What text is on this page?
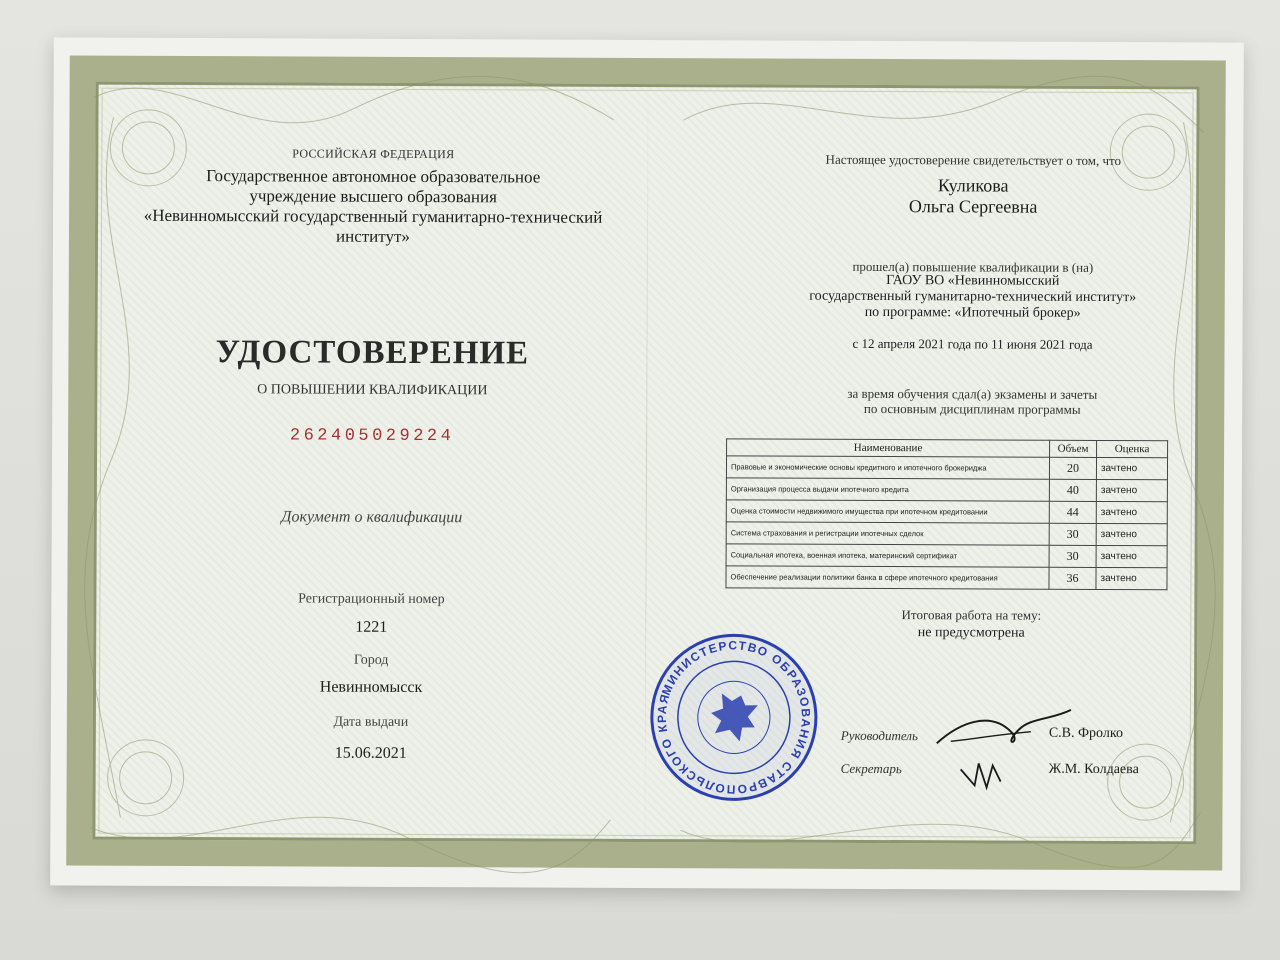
РОССИЙСКАЯ ФЕДЕРАЦИЯ
Государственное автономное образовательное
учреждение высшего образования
«Невинномысский государственный гуманитарно-технический
институт»
УДОСТОВЕРЕНИЕ
О ПОВЫШЕНИИ КВАЛИФИКАЦИИ
262405029224
Документ о квалификации
Регистрационный номер
1221
Город
Невинномысск
Дата выдачи
15.06.2021
Настоящее удостоверение свидетельствует о том, что
Куликова
Ольга Сергеевна
прошел(а) повышение квалификации в (на)
ГАОУ ВО «Невинномысский
государственный гуманитарно-технический институт»
по программе: «Ипотечный брокер»
с 12 апреля 2021 года по 11 июня 2021 года
за время обучения сдал(а) экзамены и зачеты
по основным дисциплинам программы
Наименование	Объем	Оценка
Правовые и экономические основы кредитного и ипотечного брокериджа	20	зачтено
Организация процесса выдачи ипотечного кредита	40	зачтено
Оценка стоимости недвижимого имущества при ипотечном кредитовании	44	зачтено
Система страхования и регистрации ипотечных сделок	30	зачтено
Социальная ипотека, военная ипотека, материнский сертификат	30	зачтено
Обеспечение реализации политики банка в сфере ипотечного кредитования	36	зачтено
Итоговая работа на тему:
не предусмотрена
Руководитель	С.В. Фролко
Секретарь	Ж.М. Колдаева
МИНИСТЕРСТВО ОБРАЗОВАНИЯ СТАВРОПОЛЬСКОГО КРАЯ
